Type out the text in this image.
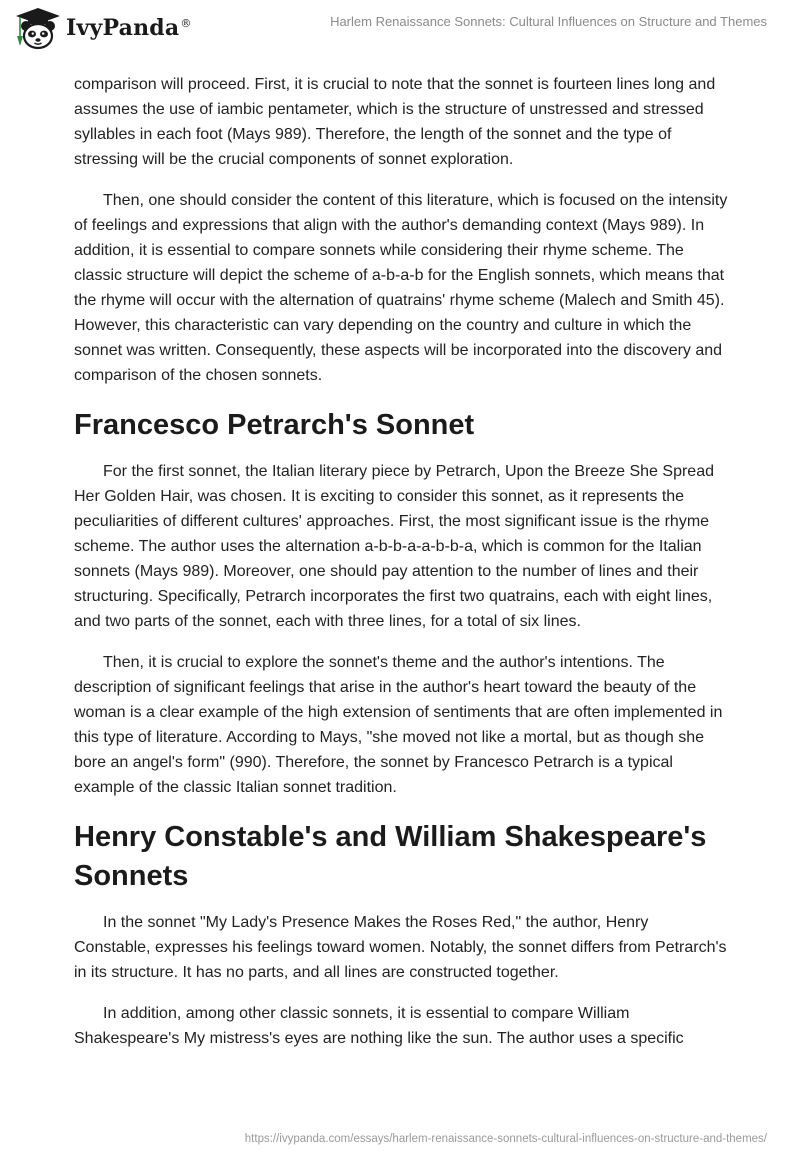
IvyPanda®	Harlem Renaissance Sonnets: Cultural Influences on Structure and Themes

comparison will proceed. First, it is crucial to note that the sonnet is fourteen lines long and assumes the use of iambic pentameter, which is the structure of unstressed and stressed syllables in each foot (Mays 989). Therefore, the length of the sonnet and the type of stressing will be the crucial components of sonnet exploration.

Then, one should consider the content of this literature, which is focused on the intensity of feelings and expressions that align with the author's demanding context (Mays 989). In addition, it is essential to compare sonnets while considering their rhyme scheme. The classic structure will depict the scheme of a-b-a-b for the English sonnets, which means that the rhyme will occur with the alternation of quatrains' rhyme scheme (Malech and Smith 45). However, this characteristic can vary depending on the country and culture in which the sonnet was written. Consequently, these aspects will be incorporated into the discovery and comparison of the chosen sonnets.

Francesco Petrarch's Sonnet

For the first sonnet, the Italian literary piece by Petrarch, Upon the Breeze She Spread Her Golden Hair, was chosen. It is exciting to consider this sonnet, as it represents the peculiarities of different cultures' approaches. First, the most significant issue is the rhyme scheme. The author uses the alternation a-b-b-a-a-b-b-a, which is common for the Italian sonnets (Mays 989). Moreover, one should pay attention to the number of lines and their structuring. Specifically, Petrarch incorporates the first two quatrains, each with eight lines, and two parts of the sonnet, each with three lines, for a total of six lines.

Then, it is crucial to explore the sonnet's theme and the author's intentions. The description of significant feelings that arise in the author's heart toward the beauty of the woman is a clear example of the high extension of sentiments that are often implemented in this type of literature. According to Mays, "she moved not like a mortal, but as though she bore an angel's form" (990). Therefore, the sonnet by Francesco Petrarch is a typical example of the classic Italian sonnet tradition.

Henry Constable's and William Shakespeare's Sonnets

In the sonnet "My Lady's Presence Makes the Roses Red," the author, Henry Constable, expresses his feelings toward women. Notably, the sonnet differs from Petrarch's in its structure. It has no parts, and all lines are constructed together.

In addition, among other classic sonnets, it is essential to compare William Shakespeare's My mistress's eyes are nothing like the sun. The author uses a specific

https://ivypanda.com/essays/harlem-renaissance-sonnets-cultural-influences-on-structure-and-themes/
